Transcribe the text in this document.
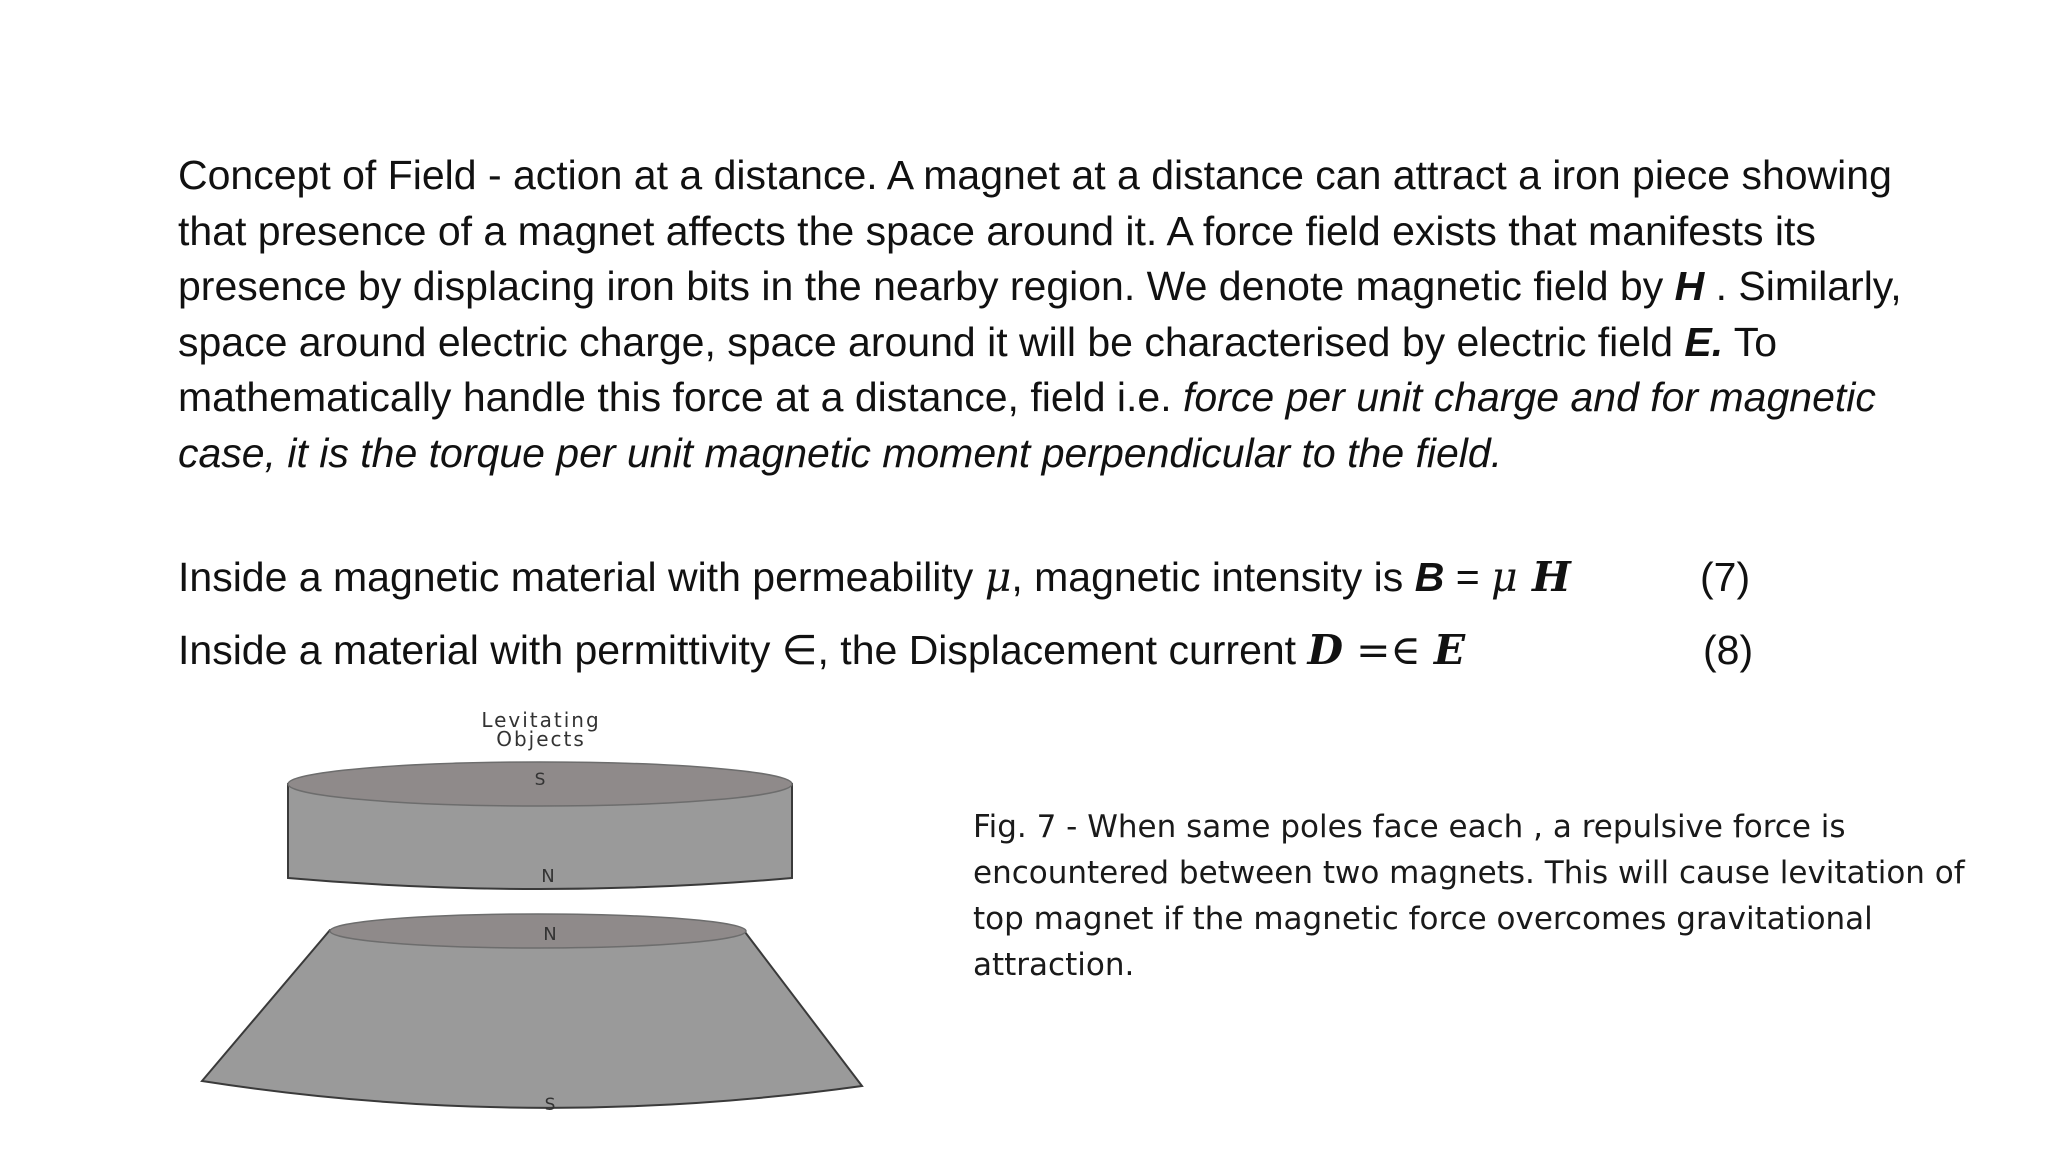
Concept of Field - action at a distance. A magnet at a distance can attract a iron piece showing that presence of a magnet affects the space around it. A force field exists that manifests its presence by displacing iron bits in the nearby region. We denote magnetic field by H . Similarly, space around electric charge, space around it will be characterised by electric field E. To mathematically handle this force at a distance, field i.e. force per unit charge and for magnetic case, it is the torque per unit magnetic moment perpendicular to the field.
Inside a magnetic material with permeability μ, magnetic intensity is B = μ H	(7)
Inside a material with permittivity ∈, the Displacement current D =∈ E	(8)
Levitating
Objects
S
N
N
S
Fig. 7 - When same poles face each , a repulsive force is encountered between two magnets. This will cause levitation of top magnet if the magnetic force overcomes gravitational attraction.
